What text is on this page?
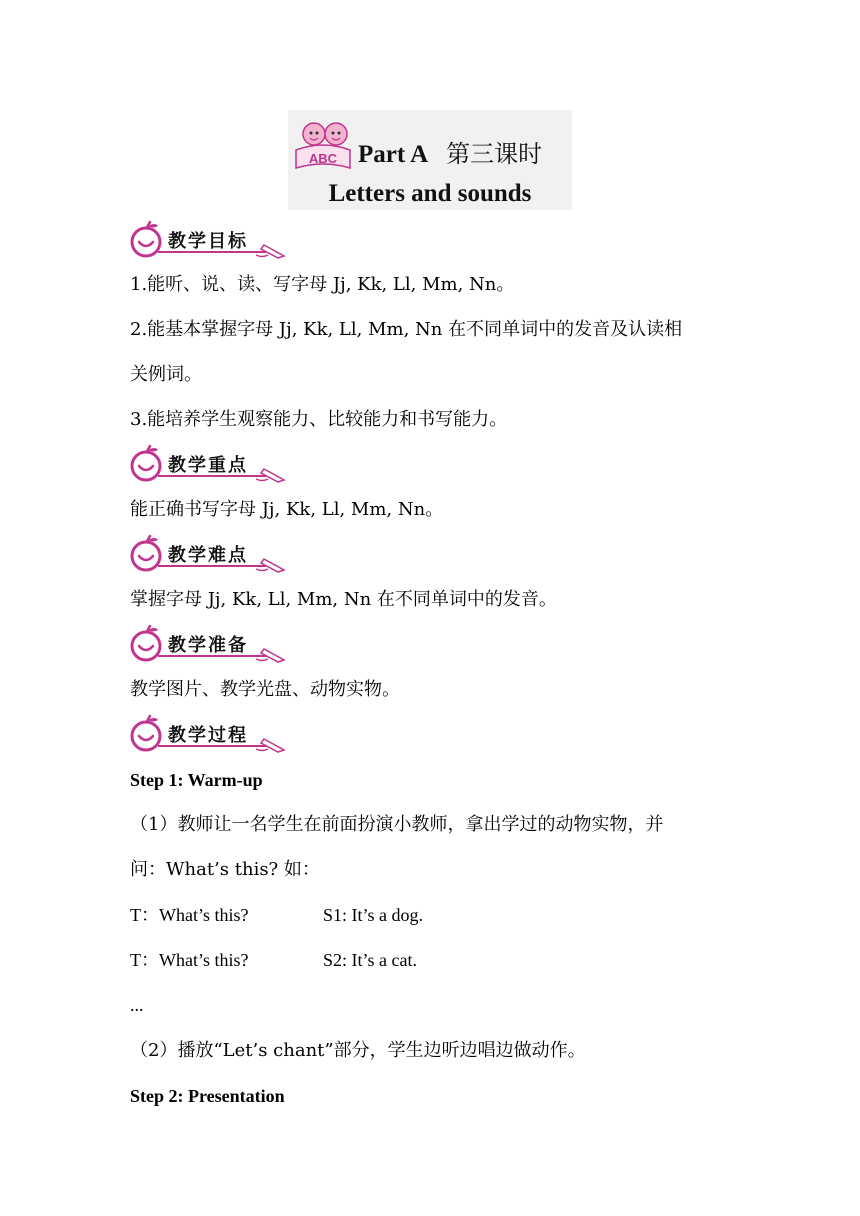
ABC Part A 第三课时
Letters and sounds
教学目标
1.能听、说、读、写字母 Jj, Kk, Ll, Mm, Nn。
2.能基本掌握字母 Jj, Kk, Ll, Mm, Nn 在不同单词中的发音及认读相
关例词。
3.能培养学生观察能力、比较能力和书写能力。
教学重点
能正确书写字母 Jj, Kk, Ll, Mm, Nn。
教学难点
掌握字母 Jj, Kk, Ll, Mm, Nn 在不同单词中的发音。
教学准备
教学图片、教学光盘、动物实物。
教学过程
Step 1: Warm-up
（1）教师让一名学生在前面扮演小教师，拿出学过的动物实物，并
问：What’s this? 如：
T：What’s this?	S1: It’s a dog.
T：What’s this?	S2: It’s a cat.
...
（2）播放“Let’s chant”部分，学生边听边唱边做动作。
Step 2: Presentation
